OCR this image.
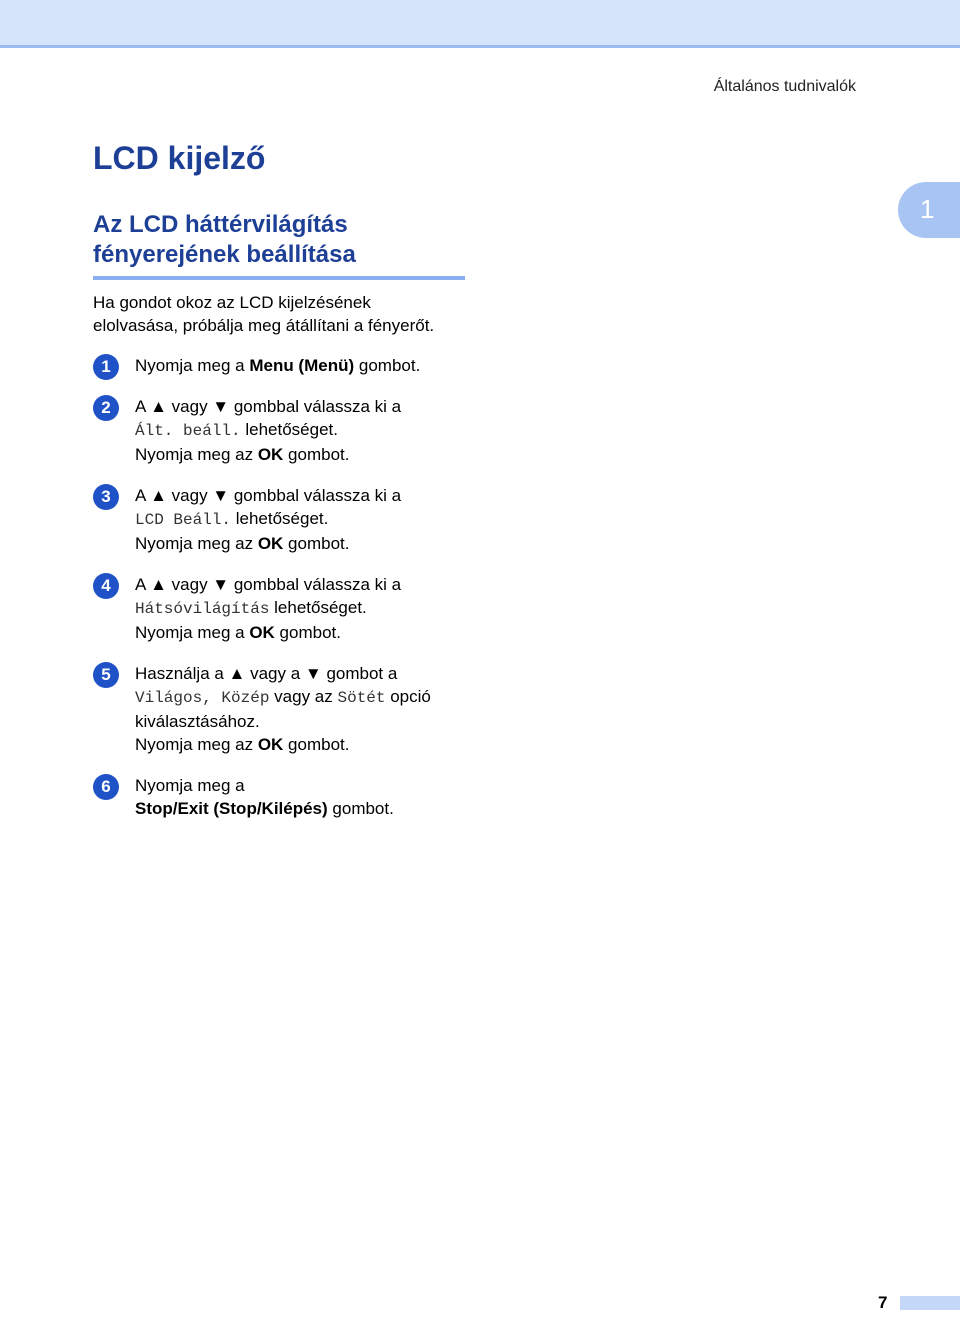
Általános tudnivalók
1
LCD kijelző
Az LCD háttérvilágítás
fényerejének beállítása

Ha gondot okoz az LCD kijelzésének
elolvasása, próbálja meg átállítani a fényerőt.

1	Nyomja meg a Menu (Menü) gombot.
2	A ▲ vagy ▼ gombbal válassza ki a
Ált. beáll. lehetőséget.
Nyomja meg az OK gombot.
3	A ▲ vagy ▼ gombbal válassza ki a
LCD Beáll. lehetőséget.
Nyomja meg az OK gombot.
4	A ▲ vagy ▼ gombbal válassza ki a
Hátsóvilágítás lehetőséget.
Nyomja meg a OK gombot.
5	Használja a ▲ vagy a ▼ gombot a
Világos, Közép vagy az Sötét opció
kiválasztásához.
Nyomja meg az OK gombot.
6	Nyomja meg a
Stop/Exit (Stop/Kilépés) gombot.
7
